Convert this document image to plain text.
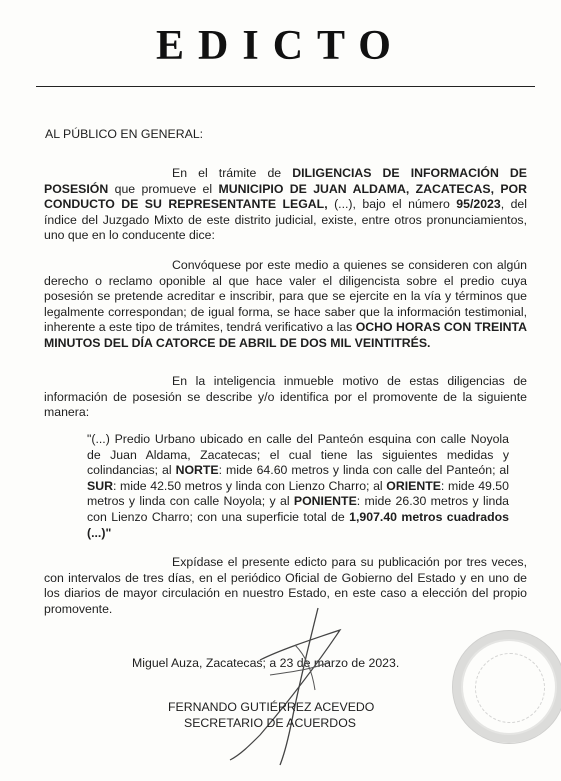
EDICTO
AL PÚBLICO EN GENERAL:

En el trámite de DILIGENCIAS DE INFORMACIÓN DE POSESIÓN que promueve el MUNICIPIO DE JUAN ALDAMA, ZACATECAS, POR CONDUCTO DE SU REPRESENTANTE LEGAL, (...), bajo el número 95/2023, del índice del Juzgado Mixto de este distrito judicial, existe, entre otros pronunciamientos, uno que en lo conducente dice:

Convóquese por este medio a quienes se consideren con algún derecho o reclamo oponible al que hace valer el diligencista sobre el predio cuya posesión se pretende acreditar e inscribir, para que se ejercite en la vía y términos que legalmente correspondan; de igual forma, se hace saber que la información testimonial, inherente a este tipo de trámites, tendrá verificativo a las OCHO HORAS CON TREINTA MINUTOS DEL DÍA CATORCE DE ABRIL DE DOS MIL VEINTITRÉS.

En la inteligencia inmueble motivo de estas diligencias de información de posesión se describe y/o identifica por el promovente de la siguiente manera:

"(...) Predio Urbano ubicado en calle del Panteón esquina con calle Noyola de Juan Aldama, Zacatecas; el cual tiene las siguientes medidas y colindancias; al NORTE: mide 64.60 metros y linda con calle del Panteón; al SUR: mide 42.50 metros y linda con Lienzo Charro; al ORIENTE: mide 49.50 metros y linda con calle Noyola; y al PONIENTE: mide 26.30 metros y linda con Lienzo Charro; con una superficie total de 1,907.40 metros cuadrados (...)"

Expídase el presente edicto para su publicación por tres veces, con intervalos de tres días, en el periódico Oficial de Gobierno del Estado y en uno de los diarios de mayor circulación en nuestro Estado, en este caso a elección del propio promovente.

Miguel Auza, Zacatecas; a 23 de marzo de 2023.
FERNANDO GUTIÉRREZ ACEVEDO
SECRETARIO DE ACUERDOS
